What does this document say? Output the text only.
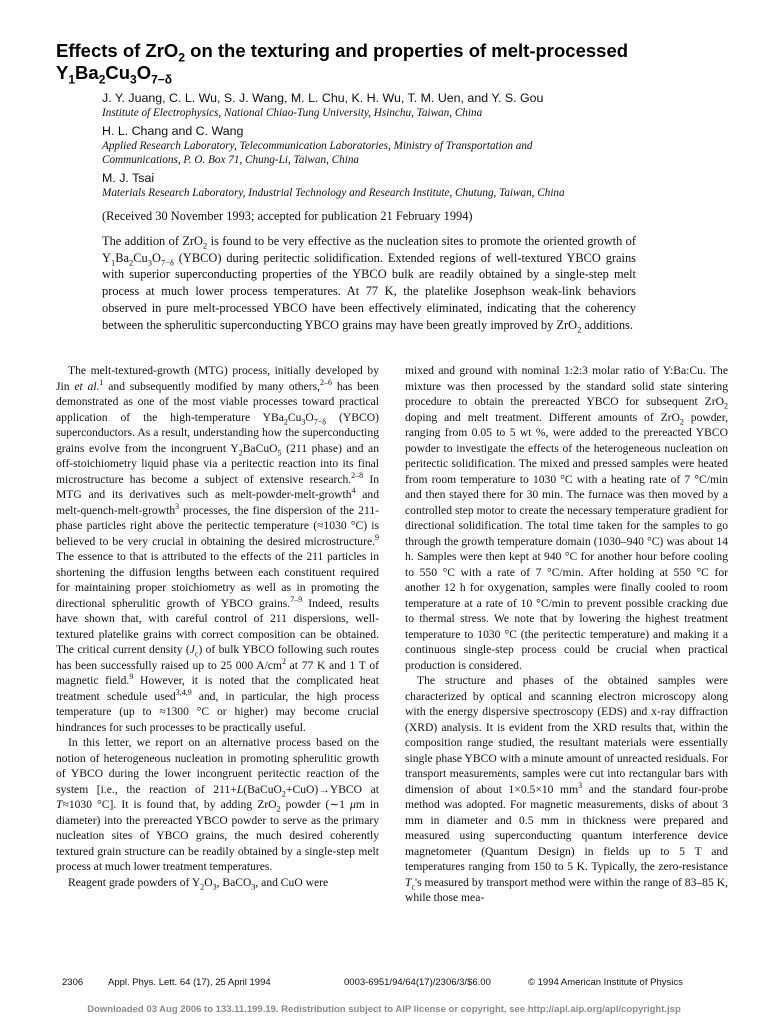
Effects of ZrO$_2$ on the texturing and properties of melt-processed
$Y_1Ba_2Cu_3O_{7-\delta}$

J. Y. Juang, C. L. Wu, S. J. Wang, M. L. Chu, K. H. Wu, T. M. Uen, and Y. S. Gou

Institute of Electrophysics, National Chiao-Tung University, Hsinchu, Taiwan, China

H. L. Chang and C. Wang

Applied Research Laboratory, Telecommunication Laboratories, Ministry of Transportation and Communications, P. O. Box 71, Chung-Li, Taiwan, China

M. J. Tsai

Materials Research Laboratory, Industrial Technology and Research Institute, Chutung, Taiwan, China

(Received 30 November 1993; accepted for publication 21 February 1994)

The addition of ZrO$_2$ is found to be very effective as the nucleation sites to promote the oriented growth of $Y_1Ba_2Cu_3O_{7-\delta}$ (YBCO) during peritectic solidification. Extended regions of well-textured YBCO grains with superior superconducting properties of the YBCO bulk are readily obtained by a single-step melt process at much lower process temperatures. At 77 K, the platelike Josephson weak-link behaviors observed in pure melt-processed YBCO have been effectively eliminated, indicating that the coherency between the spherulitic superconducting YBCO grains may have been greatly improved by ZrO$_2$ additions.

The melt-textured-growth (MTG) process, initially developed by Jin et al.$^1$ and subsequently modified by many others,$^{2-6}$ has been demonstrated as one of the most viable processes toward practical application of the high-temperature $YBa_2Cu_3O_{7-\delta}$ (YBCO) superconductors. As a result, understanding how the superconducting grains evolve from the incongruent $Y_2BaCuO_5$ (211 phase) and an off-stoichiometry liquid phase via a peritectic reaction into its final microstructure has become a subject of extensive research.$^{2-8}$ In MTG and its derivatives such as melt-powder-melt-growth$^4$ and melt-quench-melt-growth$^3$ processes, the fine dispersion of the 211-phase particles right above the peritectic temperature (≈1030 °C) is believed to be very crucial in obtaining the desired microstructure.$^9$ The essence to that is attributed to the effects of the 211 particles in shortening the diffusion lengths between each constituent required for maintaining proper stoichiometry as well as in promoting the directional spherulitic growth of YBCO grains.$^{7-9}$ Indeed, results have shown that, with careful control of 211 dispersions, well-textured platelike grains with correct composition can be obtained. The critical current density $(J_c)$ of bulk YBCO following such routes has been successfully raised up to 25 000 $A/cm^2$ at 77 K and 1 T of magnetic field.$^9$ However, it is noted that the complicated heat treatment schedule used$^{3,4,9}$ and, in particular, the high process temperature (up to ≈1300 °C or higher) may become crucial hindrances for such processes to be practically useful.

In this letter, we report on an alternative process based on the notion of heterogeneous nucleation in promoting spherulitic growth of YBCO during the lower incongruent peritectic reaction of the system [i.e., the reaction of 211+L(BaCuO$_2$+CuO)→YBCO at T≈1030 °C]. It is found that, by adding ZrO$_2$ powder (∼1 μm in diameter) into the prereacted YBCO powder to serve as the primary nucleation sites of YBCO grains, the much desired coherently textured grain structure can be readily obtained by a single-step melt process at much lower treatment temperatures.

Reagent grade powders of $Y_2O_3$, BaCO$_3$, and CuO were

mixed and ground with nominal 1:2:3 molar ratio of Y:Ba:Cu. The mixture was then processed by the standard solid state sintering procedure to obtain the prereacted YBCO for subsequent ZrO$_2$ doping and melt treatment. Different amounts of ZrO$_2$ powder, ranging from 0.05 to 5 wt %, were added to the prereacted YBCO powder to investigate the effects of the heterogeneous nucleation on peritectic solidification. The mixed and pressed samples were heated from room temperature to 1030 °C with a heating rate of 7 °C/min and then stayed there for 30 min. The furnace was then moved by a controlled step motor to create the necessary temperature gradient for directional solidification. The total time taken for the samples to go through the growth temperature domain (1030–940 °C) was about 14 h. Samples were then kept at 940 °C for another hour before cooling to 550 °C with a rate of 7 °C/min. After holding at 550 °C for another 12 h for oxygenation, samples were finally cooled to room temperature at a rate of 10 °C/min to prevent possible cracking due to thermal stress. We note that by lowering the highest treatment temperature to 1030 °C (the peritectic temperature) and making it a continuous single-step process could be crucial when practical production is considered.

The structure and phases of the obtained samples were characterized by optical and scanning electron microscopy along with the energy dispersive spectroscopy (EDS) and x-ray diffraction (XRD) analysis. It is evident from the XRD results that, within the composition range studied, the resultant materials were essentially single phase YBCO with a minute amount of unreacted residuals. For transport measurements, samples were cut into rectangular bars with dimension of about 1×0.5×10 $mm^3$ and the standard four-probe method was adopted. For magnetic measurements, disks of about 3 mm in diameter and 0.5 mm in thickness were prepared and measured using superconducting quantum interference device magnetometer (Quantum Design) in fields up to 5 T and temperatures ranging from 150 to 5 K. Typically, the zero-resistance $T_c's$ measured by transport method were within the range of 83–85 K, while those mea-

2306	Appl. Phys. Lett. 64 (17), 25 April 1994	0003-6951/94/64(17)/2306/3/$6.00	© 1994 American Institute of Physics
Downloaded 03 Aug 2006 to 133.11.199.19. Redistribution subject to AIP license or copyright, see http://apl.aip.org/apl/copyright.jsp
